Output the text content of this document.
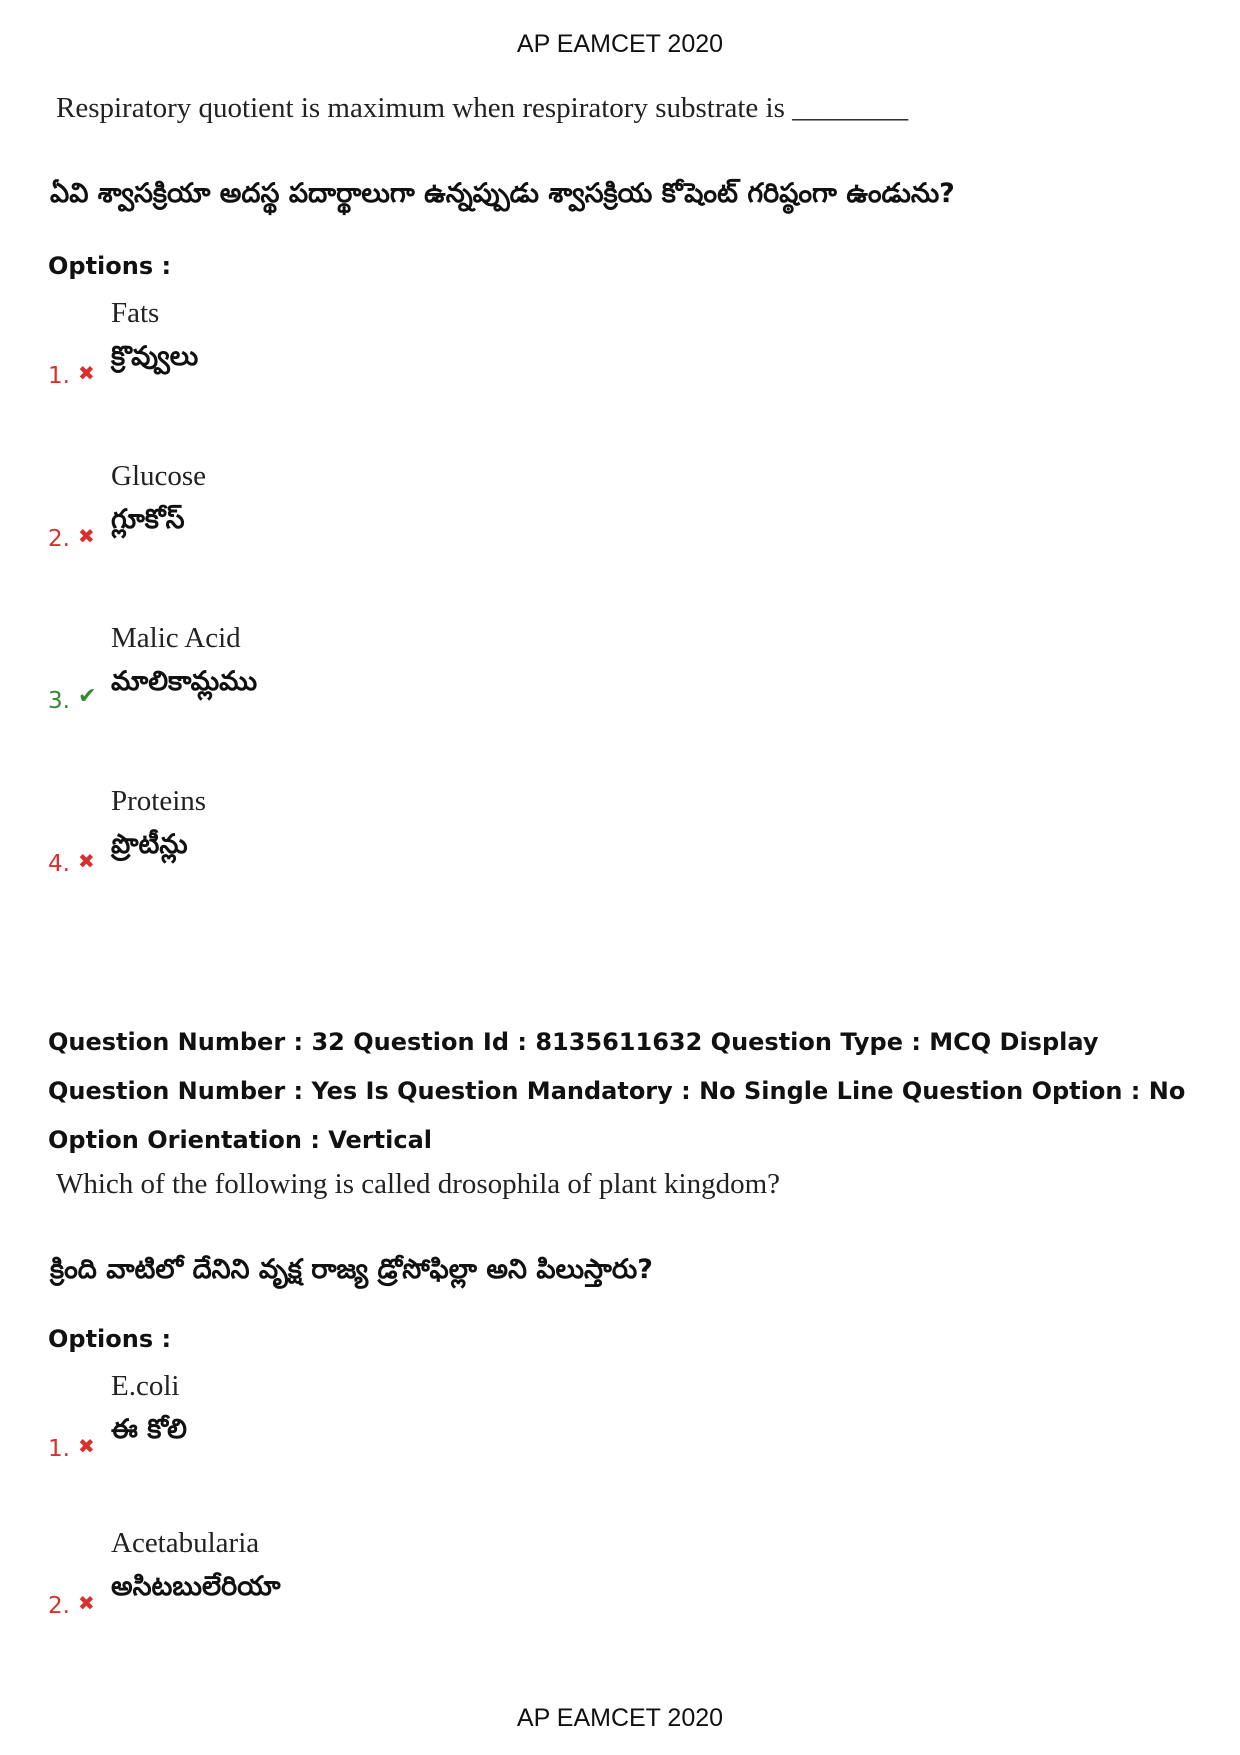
AP EAMCET 2020
Respiratory quotient is maximum when respiratory substrate is ________
ఏవి శ్వాసక్రియా అదస్థ పదార్థాలుగా ఉన్నప్పుడు శ్వాసక్రియ కోషెంట్ గరిష్ఠంగా ఉండును?
Options :
Fats
క్రొవ్వులు
1. ✖
Glucose
గ్లూకోస్
2. ✖
Malic Acid
మాలికామ్లము
3. ✔
Proteins
ప్రొటీన్లు
4. ✖
Question Number : 32 Question Id : 8135611632 Question Type : MCQ Display Question Number : Yes Is Question Mandatory : No Single Line Question Option : No Option Orientation : Vertical
Which of the following is called drosophila of plant kingdom?
క్రింది వాటిలో దేనిని వృక్ష రాజ్య డ్రోసోఫిల్లా అని పిలుస్తారు?
Options :
E.coli
ఈ కోలి
1. ✖
Acetabularia
అసిటబులేరియా
2. ✖
AP EAMCET 2020
